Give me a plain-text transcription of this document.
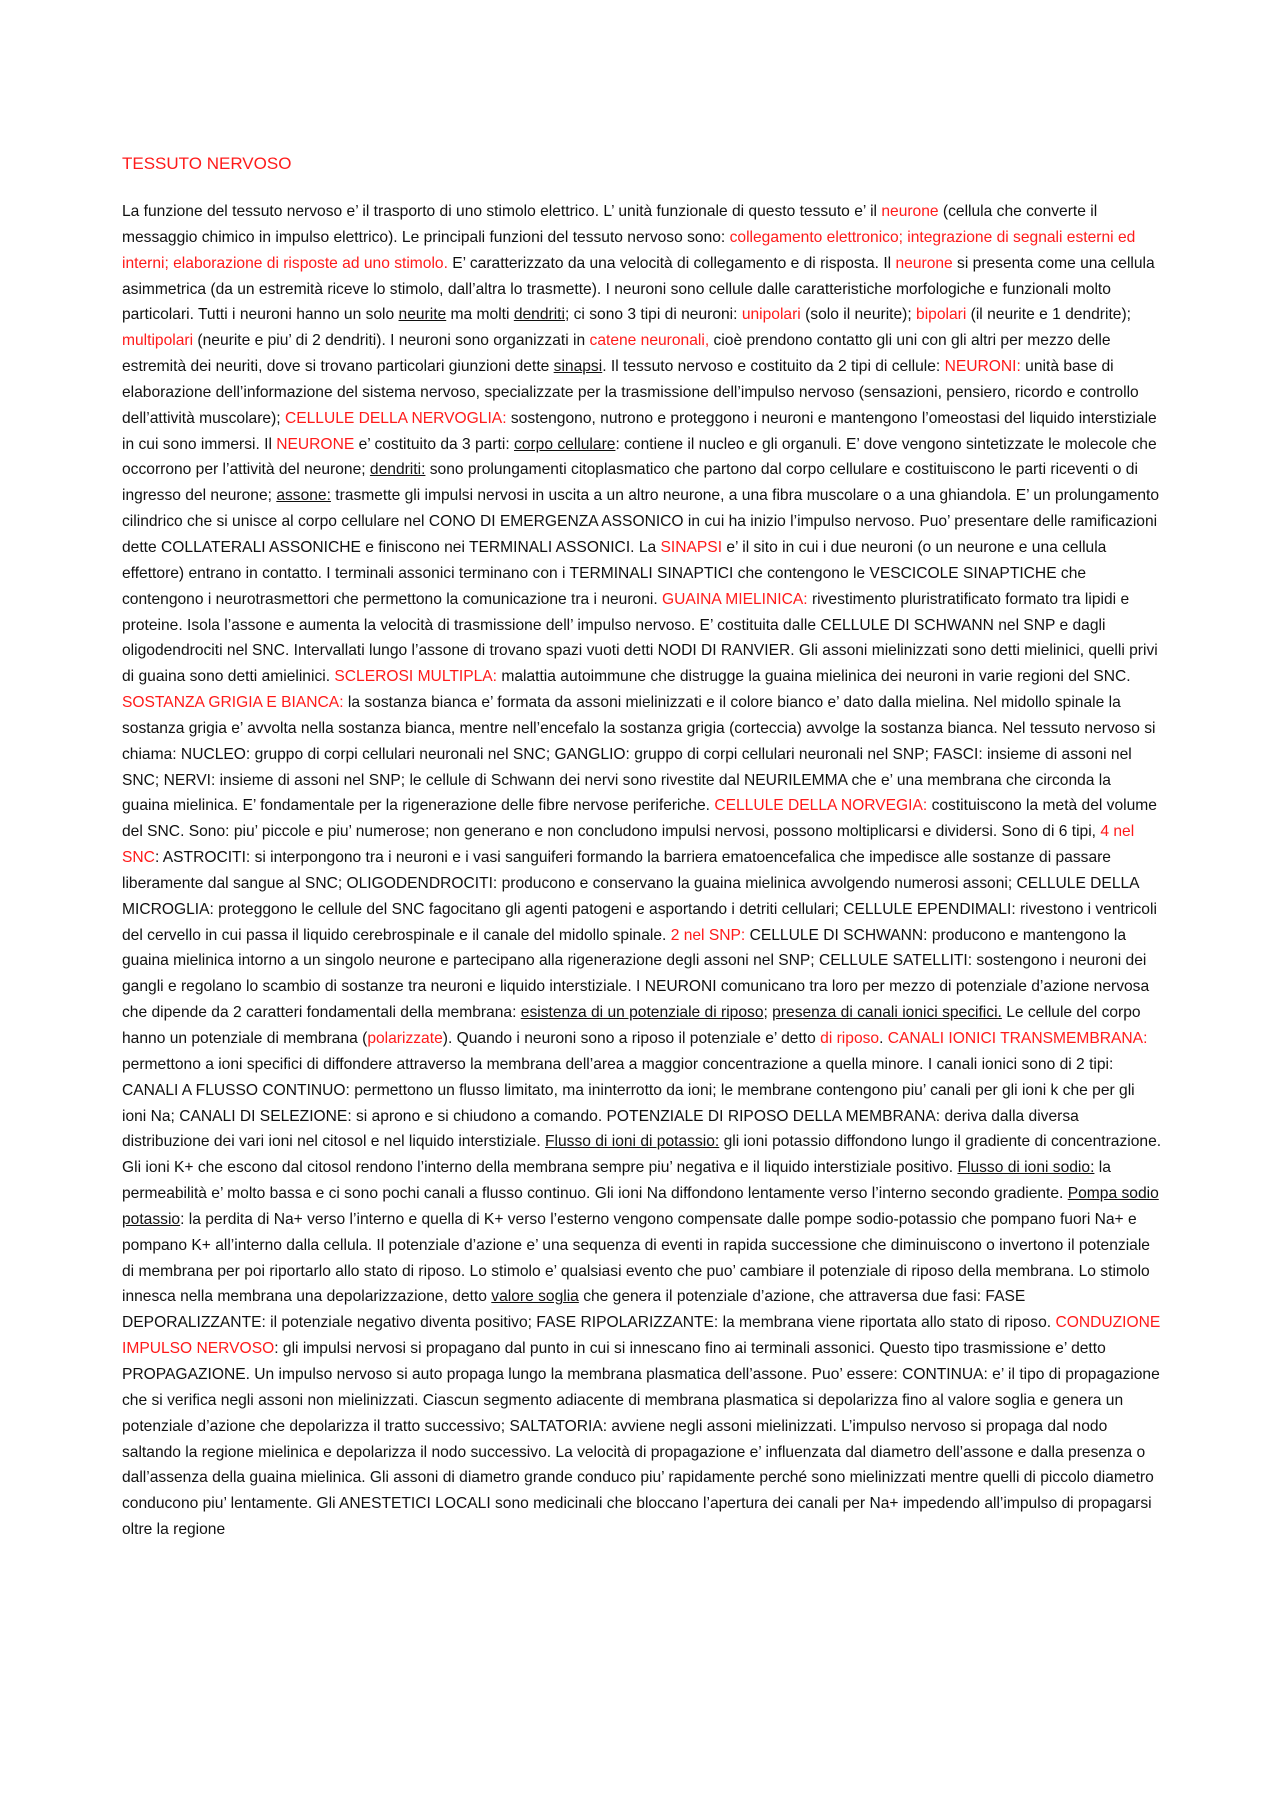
TESSUTO NERVOSO
La funzione del tessuto nervoso e’ il trasporto di uno stimolo elettrico. L’ unità funzionale di questo tessuto e’ il neurone (cellula che converte il messaggio chimico in impulso elettrico). Le principali funzioni del tessuto nervoso sono: collegamento elettronico; integrazione di segnali esterni ed interni; elaborazione di risposte ad uno stimolo. E’ caratterizzato da una velocità di collegamento e di risposta. Il neurone si presenta come una cellula asimmetrica (da un estremità riceve lo stimolo, dall’altra lo trasmette). I neuroni sono cellule dalle caratteristiche morfologiche e funzionali molto particolari. Tutti i neuroni hanno un solo neurite ma molti dendriti; ci sono 3 tipi di neuroni: unipolari (solo il neurite); bipolari (il neurite e 1 dendrite); multipolari (neurite e piu’ di 2 dendriti). I neuroni sono organizzati in catene neuronali, cioè prendono contatto gli uni con gli altri per mezzo delle estremità dei neuriti, dove si trovano particolari giunzioni dette sinapsi. Il tessuto nervoso e costituito da 2 tipi di cellule: NEURONI: unità base di elaborazione dell’informazione del sistema nervoso, specializzate per la trasmissione dell’impulso nervoso (sensazioni, pensiero, ricordo e controllo dell’attività muscolare); CELLULE DELLA NERVOGLIA: sostengono, nutrono e proteggono i neuroni e mantengono l’omeostasi del liquido interstiziale in cui sono immersi. Il NEURONE e’ costituito da 3 parti: corpo cellulare: contiene il nucleo e gli organuli. E’ dove vengono sintetizzate le molecole che occorrono per l’attività del neurone; dendriti: sono prolungamenti citoplasmatico che partono dal corpo cellulare e costituiscono le parti riceventi o di ingresso del neurone; assone: trasmette gli impulsi nervosi in uscita a un altro neurone, a una fibra muscolare o a una ghiandola. E’ un prolungamento cilindrico che si unisce al corpo cellulare nel CONO DI EMERGENZA ASSONICO in cui ha inizio l’impulso nervoso. Puo’ presentare delle ramificazioni dette COLLATERALI ASSONICHE e finiscono nei TERMINALI ASSONICI. La SINAPSI e’ il sito in cui i due neuroni (o un neurone e una cellula effettore) entrano in contatto. I terminali assonici terminano con i TERMINALI SINAPTICI che contengono le VESCICOLE SINAPTICHE che contengono i neurotrasmettori che permettono la comunicazione tra i neuroni. GUAINA MIELINICA: rivestimento pluristratificato formato tra lipidi e proteine. Isola l’assone e aumenta la velocità di trasmissione dell’ impulso nervoso. E’ costituita dalle CELLULE DI SCHWANN nel SNP e dagli oligodendrociti nel SNC. Intervallati lungo l’assone di trovano spazi vuoti detti NODI DI RANVIER. Gli assoni mielinizzati sono detti mielinici, quelli privi di guaina sono detti amielinici. SCLEROSI MULTIPLA: malattia autoimmune che distrugge la guaina mielinica dei neuroni in varie regioni del SNC. SOSTANZA GRIGIA E BIANCA: la sostanza bianca e’ formata da assoni mielinizzati e il colore bianco e’ dato dalla mielina. Nel midollo spinale la sostanza grigia e’ avvolta nella sostanza bianca, mentre nell’encefalo la sostanza grigia (corteccia) avvolge la sostanza bianca. Nel tessuto nervoso si chiama: NUCLEO: gruppo di corpi cellulari neuronali nel SNC; GANGLIO: gruppo di corpi cellulari neuronali nel SNP; FASCI: insieme di assoni nel SNC; NERVI: insieme di assoni nel SNP; le cellule di Schwann dei nervi sono rivestite dal NEURILEMMA che e’ una membrana che circonda la guaina mielinica. E’ fondamentale per la rigenerazione delle fibre nervose periferiche. CELLULE DELLA NORVEGIA: costituiscono la metà del volume del SNC. Sono: piu’ piccole e piu’ numerose; non generano e non concludono impulsi nervosi, possono moltiplicarsi e dividersi. Sono di 6 tipi, 4 nel SNC: ASTROCITI: si interpongono tra i neuroni e i vasi sanguiferi formando la barriera ematoencefalica che impedisce alle sostanze di passare liberamente dal sangue al SNC; OLIGODENDROCITI: producono e conservano la guaina mielinica avvolgendo numerosi assoni; CELLULE DELLA MICROGLIA: proteggono le cellule del SNC fagocitano gli agenti patogeni e asportando i detriti cellulari; CELLULE EPENDIMALI: rivestono i ventricoli del cervello in cui passa il liquido cerebrospinale e il canale del midollo spinale. 2 nel SNP: CELLULE DI SCHWANN: producono e mantengono la guaina mielinica intorno a un singolo neurone e partecipano alla rigenerazione degli assoni nel SNP; CELLULE SATELLITI: sostengono i neuroni dei gangli e regolano lo scambio di sostanze tra neuroni e liquido interstiziale. I NEURONI comunicano tra loro per mezzo di potenziale d’azione nervosa che dipende da 2 caratteri fondamentali della membrana: esistenza di un potenziale di riposo; presenza di canali ionici specifici. Le cellule del corpo hanno un potenziale di membrana (polarizzate). Quando i neuroni sono a riposo il potenziale e’ detto di riposo. CANALI IONICI TRANSMEMBRANA: permettono a ioni specifici di diffondere attraverso la membrana dell’area a maggior concentrazione a quella minore. I canali ionici sono di 2 tipi: CANALI A FLUSSO CONTINUO: permettono un flusso limitato, ma ininterrotto da ioni; le membrane contengono piu’ canali per gli ioni k che per gli ioni Na; CANALI DI SELEZIONE: si aprono e si chiudono a comando. POTENZIALE DI RIPOSO DELLA MEMBRANA: deriva dalla diversa distribuzione dei vari ioni nel citosol e nel liquido interstiziale. Flusso di ioni di potassio: gli ioni potassio diffondono lungo il gradiente di concentrazione. Gli ioni K+ che escono dal citosol rendono l’interno della membrana sempre piu’ negativa e il liquido interstiziale positivo. Flusso di ioni sodio: la permeabilità e’ molto bassa e ci sono pochi canali a flusso continuo. Gli ioni Na diffondono lentamente verso l’interno secondo gradiente. Pompa sodio potassio: la perdita di Na+ verso l’interno e quella di K+ verso l’esterno vengono compensate dalle pompe sodio-potassio che pompano fuori Na+ e pompano K+ all’interno dalla cellula. Il potenziale d’azione e’ una sequenza di eventi in rapida successione che diminuiscono o invertono il potenziale di membrana per poi riportarlo allo stato di riposo. Lo stimolo e’ qualsiasi evento che puo’ cambiare il potenziale di riposo della membrana. Lo stimolo innesca nella membrana una depolarizzazione, detto valore soglia che genera il potenziale d’azione, che attraversa due fasi: FASE DEPORALIZZANTE: il potenziale negativo diventa positivo; FASE RIPOLARIZZANTE: la membrana viene riportata allo stato di riposo. CONDUZIONE IMPULSO NERVOSO: gli impulsi nervosi si propagano dal punto in cui si innescano fino ai terminali assonici. Questo tipo trasmissione e’ detto PROPAGAZIONE. Un impulso nervoso si auto propaga lungo la membrana plasmatica dell’assone. Puo’ essere: CONTINUA: e’ il tipo di propagazione che si verifica negli assoni non mielinizzati. Ciascun segmento adiacente di membrana plasmatica si depolarizza fino al valore soglia e genera un potenziale d’azione che depolarizza il tratto successivo; SALTATORIA: avviene negli assoni mielinizzati. L’impulso nervoso si propaga dal nodo saltando la regione mielinica e depolarizza il nodo successivo. La velocità di propagazione e’ influenzata dal diametro dell’assone e dalla presenza o dall’assenza della guaina mielinica. Gli assoni di diametro grande conduco piu’ rapidamente perché sono mielinizzati mentre quelli di piccolo diametro conducono piu’ lentamente. Gli ANESTETICI LOCALI sono medicinali che bloccano l’apertura dei canali per Na+ impedendo all’impulso di propagarsi oltre la regione
